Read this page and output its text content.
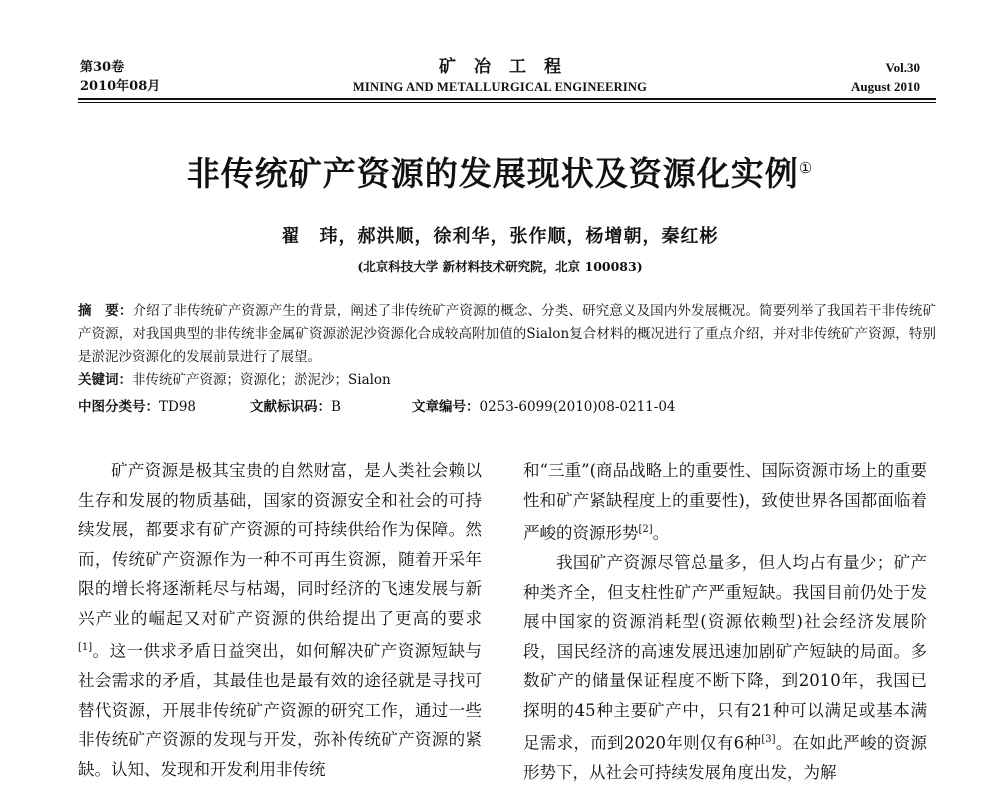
第30卷
2010年08月
矿冶工程
MINING AND METALLURGICAL ENGINEERING
Vol.30
August 2010
非传统矿产资源的发展现状及资源化实例①
翟　玮，郝洪顺，徐利华，张作顺，杨增朝，秦红彬
(北京科技大学 新材料技术研究院，北京 100083)
摘　要：介绍了非传统矿产资源产生的背景，阐述了非传统矿产资源的概念、分类、研究意义及国内外发展概况。简要列举了我国若干非传统矿产资源，对我国典型的非传统非金属矿资源淤泥沙资源化合成较高附加值的Sialon复合材料的概况进行了重点介绍，并对非传统矿产资源，特别是淤泥沙资源化的发展前景进行了展望。
关键词：非传统矿产资源；资源化；淤泥沙；Sialon
中图分类号：TD98	文献标识码：B	文章编号：0253-6099(2010)08-0211-04

矿产资源是极其宝贵的自然财富，是人类社会赖以生存和发展的物质基础，国家的资源安全和社会的可持续发展，都要求有矿产资源的可持续供给作为保障。然而，传统矿产资源作为一种不可再生资源，随着开采年限的增长将逐渐耗尽与枯竭，同时经济的飞速发展与新兴产业的崛起又对矿产资源的供给提出了更高的要求[1]。这一供求矛盾日益突出，如何解决矿产资源短缺与社会需求的矛盾，其最佳也是最有效的途径就是寻找可替代资源，开展非传统矿产资源的研究工作，通过一些非传统矿产资源的发现与开发，弥补传统矿产资源的紧缺。认知、发现和开发利用非传统

和“三重”(商品战略上的重要性、国际资源市场上的重要性和矿产紧缺程度上的重要性)，致使世界各国都面临着严峻的资源形势[2]。

我国矿产资源尽管总量多，但人均占有量少；矿产种类齐全，但支柱性矿产严重短缺。我国目前仍处于发展中国家的资源消耗型(资源依赖型)社会经济发展阶段，国民经济的高速发展迅速加剧矿产短缺的局面。多数矿产的储量保证程度不断下降，到2010年，我国已探明的45种主要矿产中，只有21种可以满足或基本满足需求，而到2020年则仅有6种[3]。在如此严峻的资源形势下，从社会可持续发展角度出发，为解
